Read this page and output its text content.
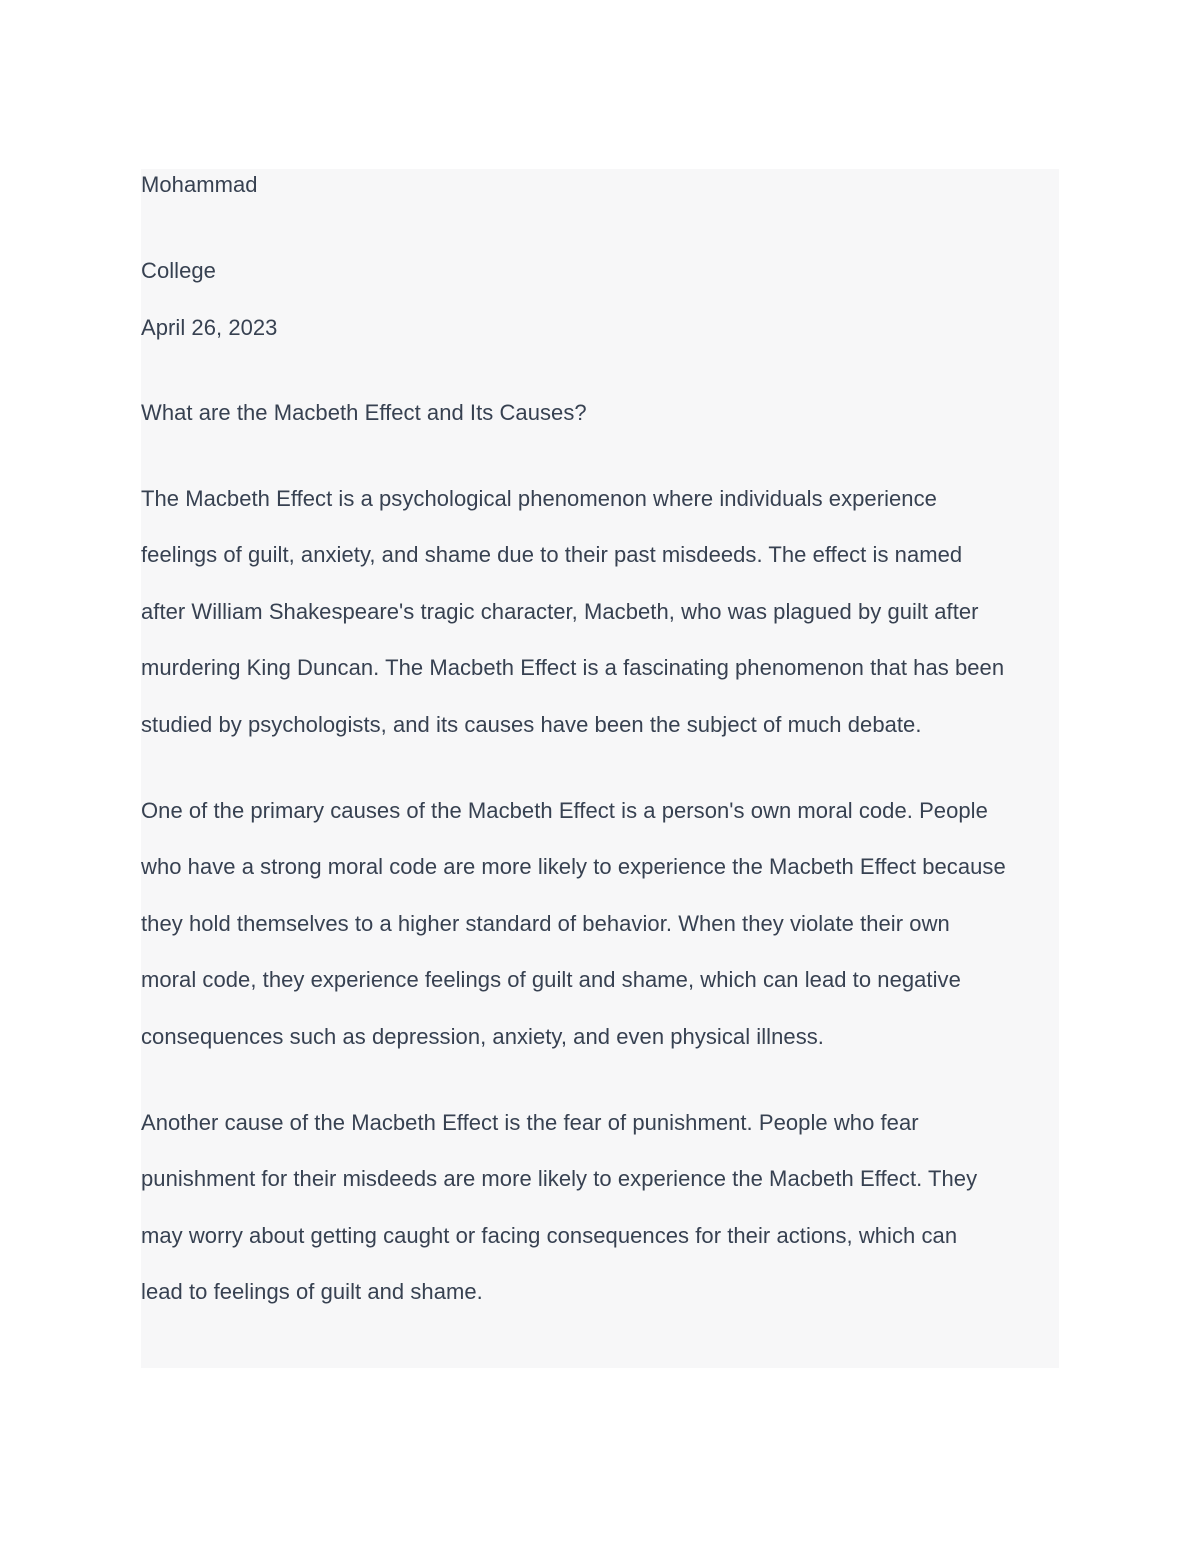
Mohammad

College

April 26, 2023

What are the Macbeth Effect and Its Causes?

The Macbeth Effect is a psychological phenomenon where individuals experience

feelings of guilt, anxiety, and shame due to their past misdeeds. The effect is named

after William Shakespeare's tragic character, Macbeth, who was plagued by guilt after

murdering King Duncan. The Macbeth Effect is a fascinating phenomenon that has been

studied by psychologists, and its causes have been the subject of much debate.

One of the primary causes of the Macbeth Effect is a person's own moral code. People

who have a strong moral code are more likely to experience the Macbeth Effect because

they hold themselves to a higher standard of behavior. When they violate their own

moral code, they experience feelings of guilt and shame, which can lead to negative

consequences such as depression, anxiety, and even physical illness.

Another cause of the Macbeth Effect is the fear of punishment. People who fear

punishment for their misdeeds are more likely to experience the Macbeth Effect. They

may worry about getting caught or facing consequences for their actions, which can

lead to feelings of guilt and shame.
